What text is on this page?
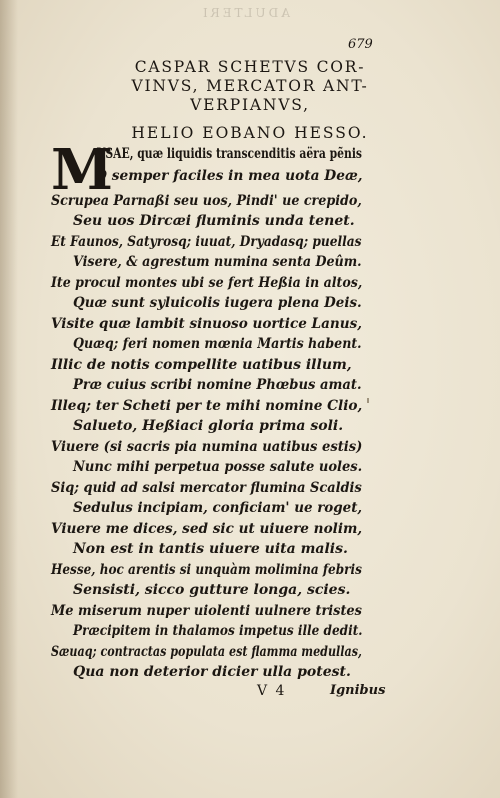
ADULTERI
679
CASPAR SCHETVS COR-
VINVS, MERCATOR ANT-
VERPIANVS,
HELIO EOBANO HESSO.
M
VSAE, quæ liquidis transcenditis aëra pẽnis
O semper faciles in mea uota Deæ,
Scrupea Parnaßi seu uos, Pindi' ue crepido,
Seu uos Dircæi fluminis unda tenet.
Et Faunos, Satyrosq; iuuat, Dryadasq; puellas
Visere, & agrestum numina senta Deûm.
Ite procul montes ubi se fert Heßia in altos,
Quæ sunt syluicolis iugera plena Deis.
Visite quæ lambit sinuoso uortice Lanus,
Quæq; feri nomen mœnia Martis habent.
Illic de notis compellite uatibus illum,
Præ cuius scribi nomine Phœbus amat.
Illeq; ter Scheti per te mihi nomine Clio,
Salueto, Heßiaci gloria prima soli.
Viuere (si sacris pia numina uatibus estis)
Nunc mihi perpetua posse salute uoles.
Siq; quid ad salsi mercator flumina Scaldis
Sedulus incipiam, conficiam' ue roget,
Viuere me dices, sed sic ut uiuere nolim,
Non est in tantis uiuere uita malis.
Hesse, hoc arentis si unquàm molimina febris
Sensisti, sicco gutture longa, scies.
Me miserum nuper uiolenti uulnere tristes
Præcipitem in thalamos impetus ille dedit.
Sæuaq; contractas populata est flamma medullas,
Qua non deterior dicier ulla potest.
V 4	Ignibus
